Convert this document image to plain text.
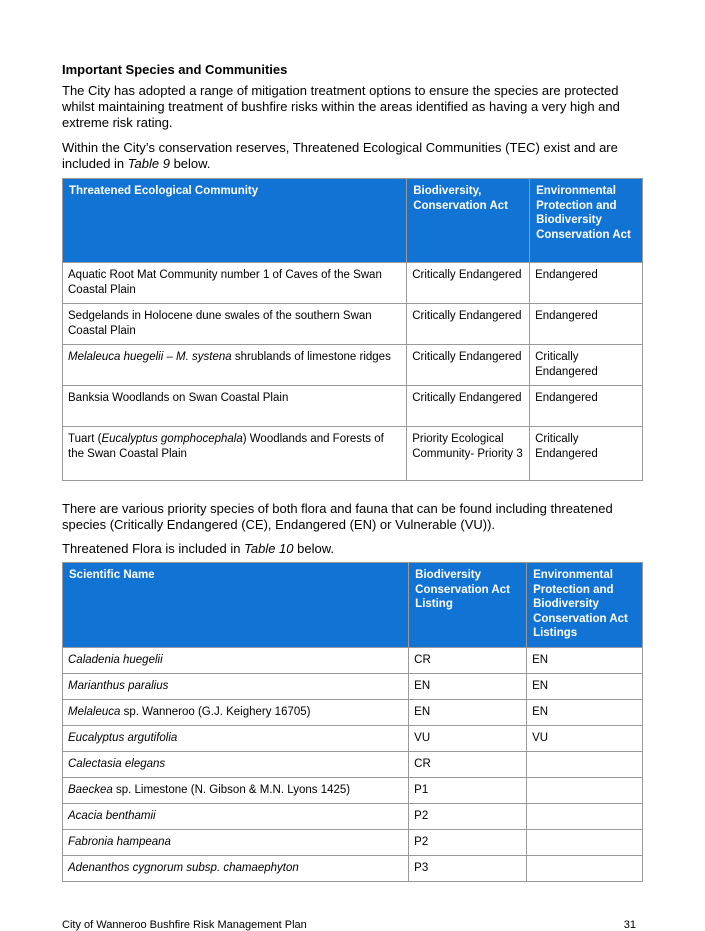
Important Species and Communities

The City has adopted a range of mitigation treatment options to ensure the species are protected whilst maintaining treatment of bushfire risks within the areas identified as having a very high and extreme risk rating.

Within the City’s conservation reserves, Threatened Ecological Communities (TEC) exist and are included in Table 9 below.

Threatened Ecological Community	Biodiversity, Conservation Act	Environmental Protection and Biodiversity Conservation Act
Aquatic Root Mat Community number 1 of Caves of the Swan Coastal Plain	Critically Endangered	Endangered
Sedgelands in Holocene dune swales of the southern Swan Coastal Plain	Critically Endangered	Endangered
Melaleuca huegelii – M. systena shrublands of limestone ridges	Critically Endangered	Critically Endangered
Banksia Woodlands on Swan Coastal Plain	Critically Endangered	Endangered
Tuart (Eucalyptus gomphocephala) Woodlands and Forests of the Swan Coastal Plain	Priority Ecological Community- Priority 3	Critically Endangered

There are various priority species of both flora and fauna that can be found including threatened species (Critically Endangered (CE), Endangered (EN) or Vulnerable (VU)).

Threatened Flora is included in Table 10 below.

Scientific Name	Biodiversity Conservation Act Listing	Environmental Protection and Biodiversity Conservation Act Listings
Caladenia huegelii	CR	EN
Marianthus paralius	EN	EN
Melaleuca sp. Wanneroo (G.J. Keighery 16705)	EN	EN
Eucalyptus argutifolia	VU	VU
Calectasia elegans	CR	
Baeckea sp. Limestone (N. Gibson & M.N. Lyons 1425)	P1	
Acacia benthamii	P2	
Fabronia hampeana	P2	
Adenanthos cygnorum subsp. chamaephyton	P3	
City of Wanneroo Bushfire Risk Management Plan	31
